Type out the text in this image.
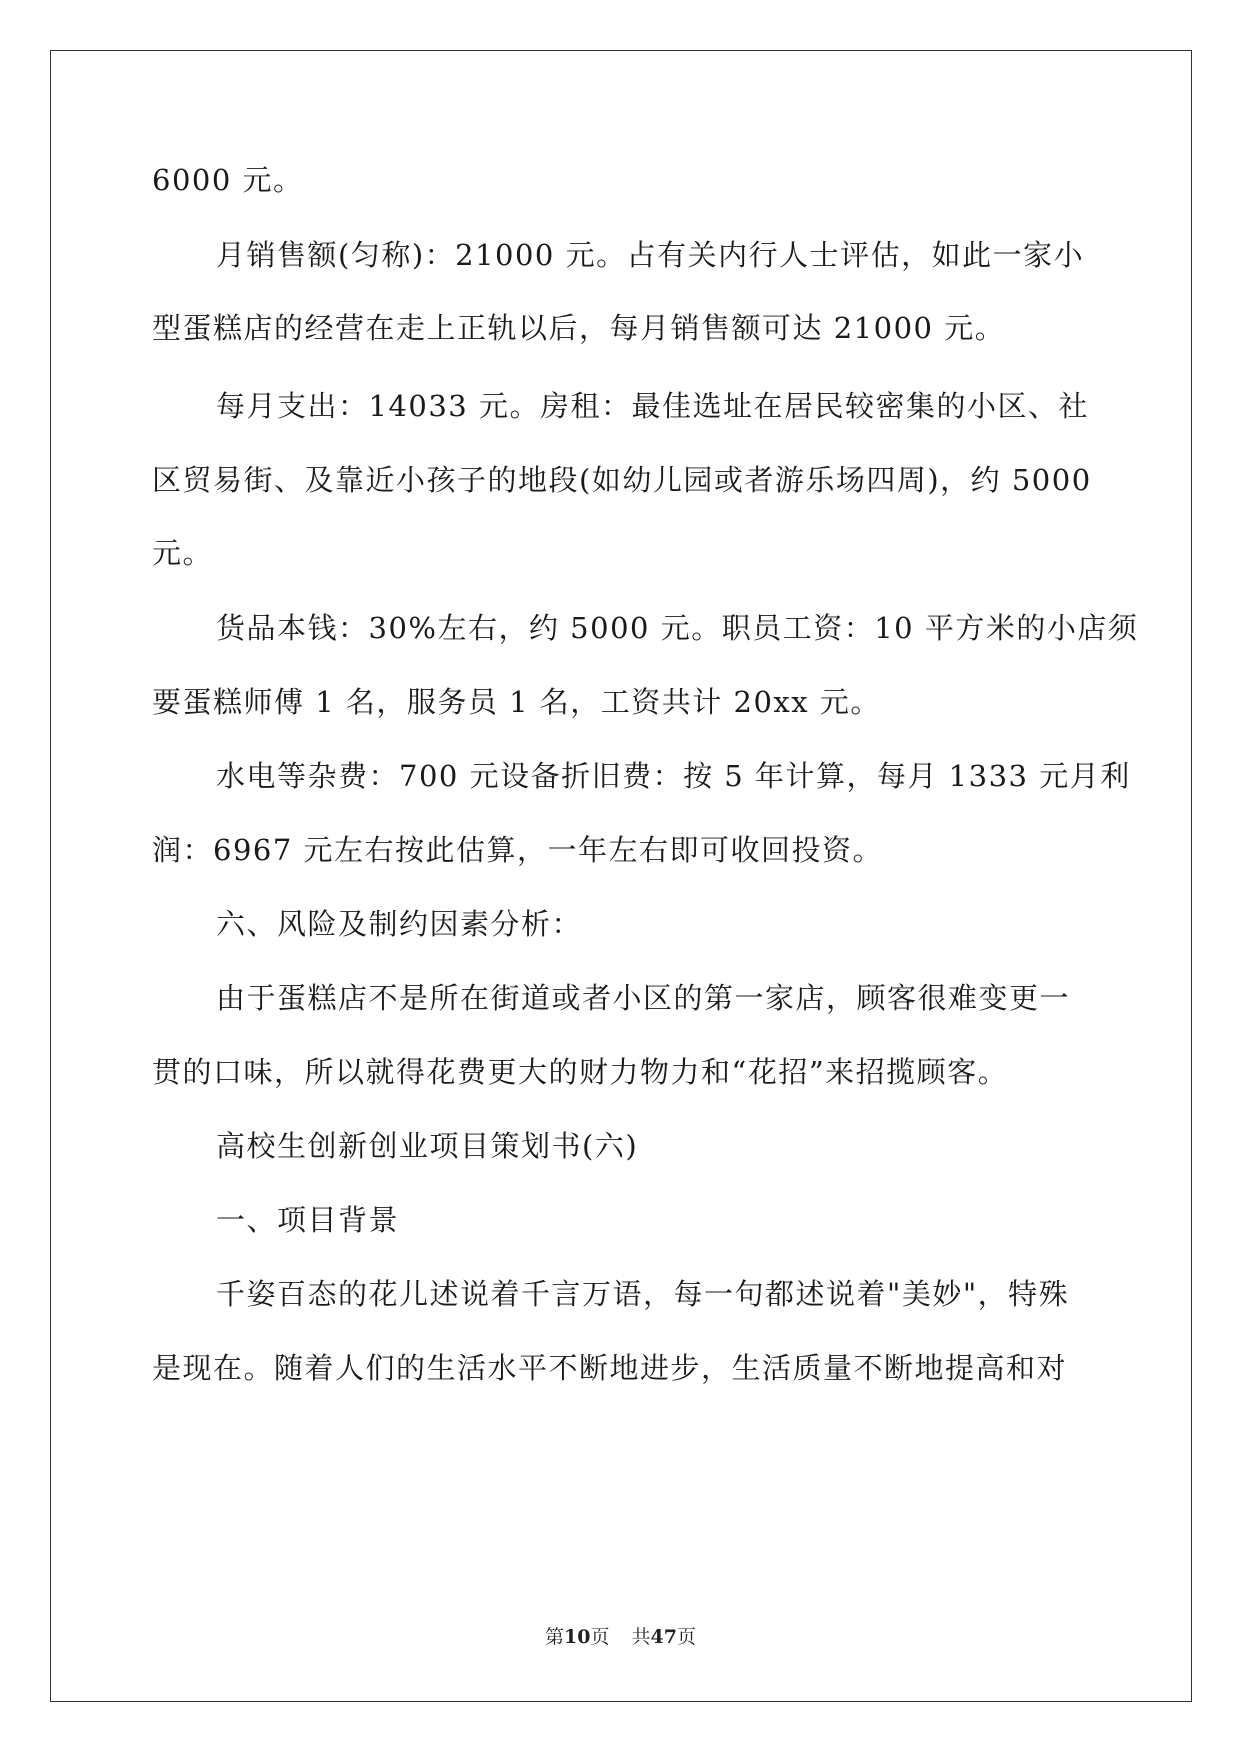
6000 元。
月销售额(匀称)：21000 元。占有关内行人士评估，如此一家小
型蛋糕店的经营在走上正轨以后，每月销售额可达 21000 元。
每月支出：14033 元。房租：最佳选址在居民较密集的小区、社
区贸易街、及靠近小孩子的地段(如幼儿园或者游乐场四周)，约 5000
元。
货品本钱：30%左右，约 5000 元。职员工资：10 平方米的小店须
要蛋糕师傅 1 名，服务员 1 名，工资共计 20xx 元。
水电等杂费：700 元设备折旧费：按 5 年计算，每月 1333 元月利
润：6967 元左右按此估算，一年左右即可收回投资。
六、风险及制约因素分析：
由于蛋糕店不是所在街道或者小区的第一家店，顾客很难变更一
贯的口味，所以就得花费更大的财力物力和“花招”来招揽顾客。
高校生创新创业项目策划书(六)
一、项目背景
千姿百态的花儿述说着千言万语，每一句都述说着"美妙"，特殊
是现在。随着人们的生活水平不断地进步，生活质量不断地提高和对
第10页 共47页
